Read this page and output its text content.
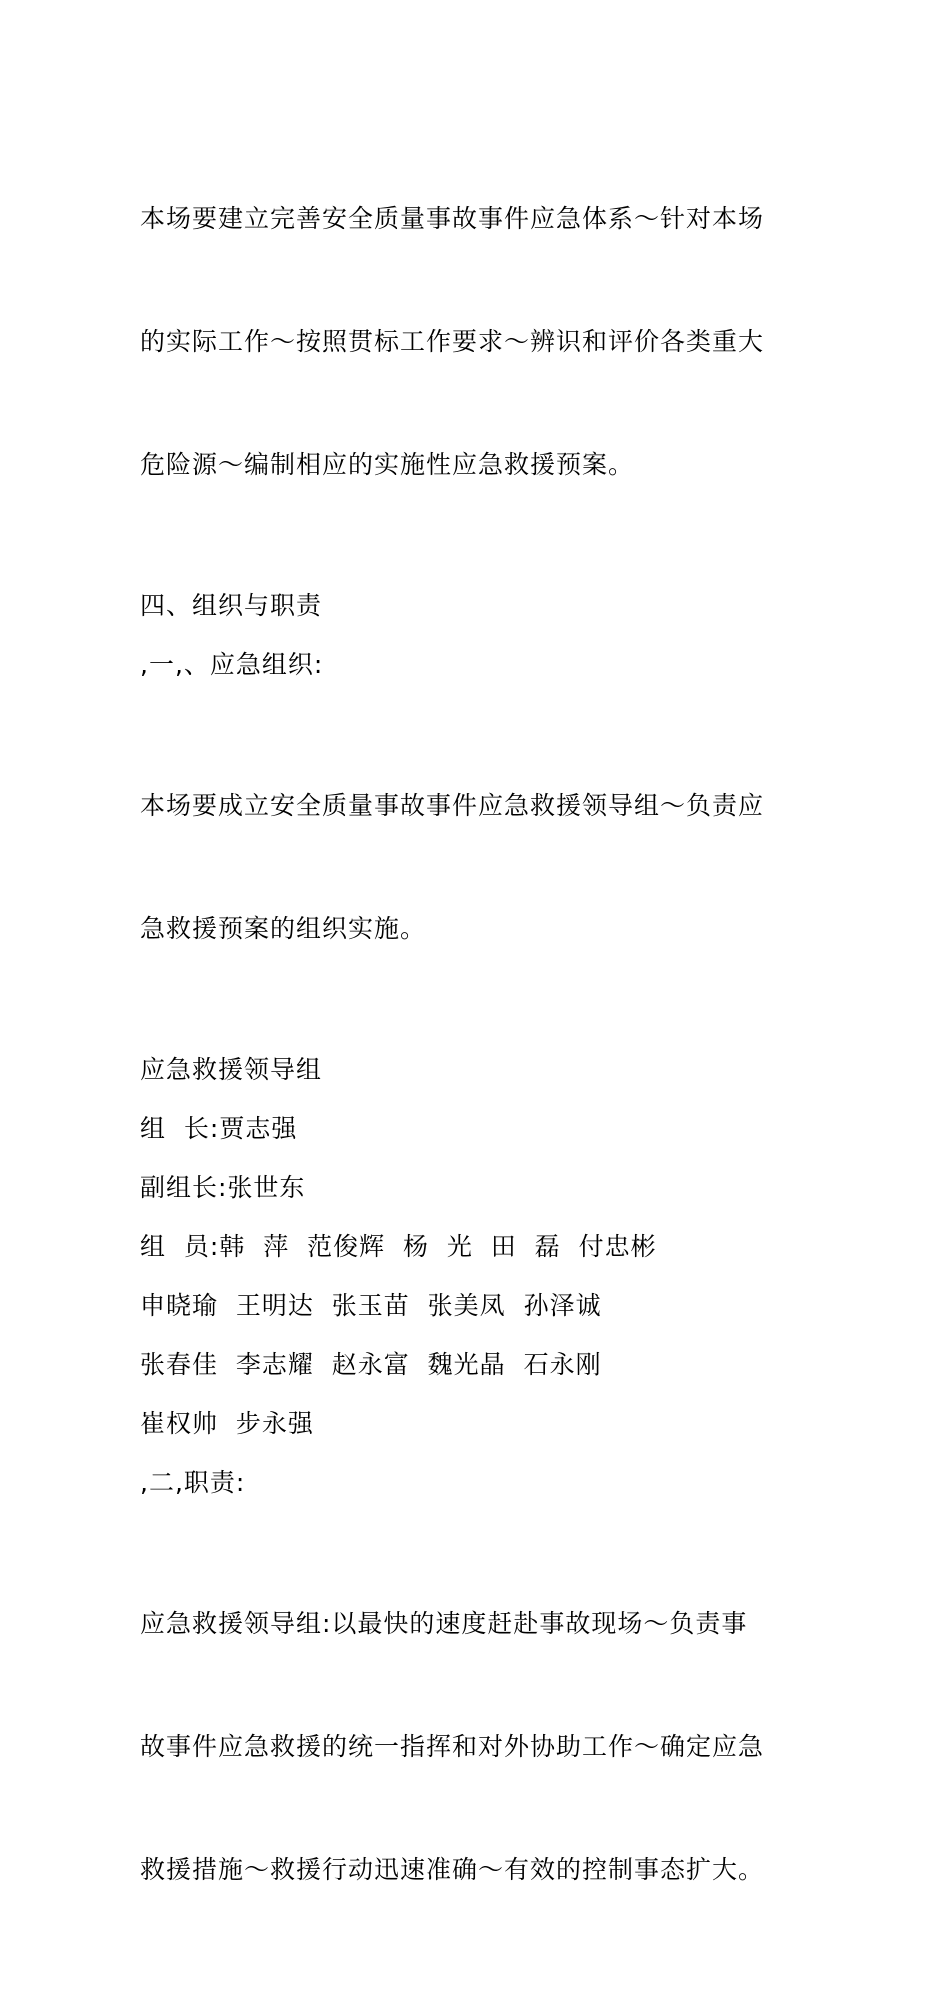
本场要建立完善安全质量事故事件应急体系～针对本场

的实际工作～按照贯标工作要求～辨识和评价各类重大

危险源～编制相应的实施性应急救援预案。

四、组织与职责
,一,、应急组织:

本场要成立安全质量事故事件应急救援领导组～负责应

急救援预案的组织实施。

应急救援领导组
组  长:贾志强
副组长:张世东
组  员:韩  萍  范俊辉  杨  光  田  磊  付忠彬
申晓瑜  王明达  张玉苗  张美凤  孙泽诚
张春佳  李志耀  赵永富  魏光晶  石永刚
崔权帅  步永强
,二,职责:

应急救援领导组:以最快的速度赶赴事故现场～负责事

故事件应急救援的统一指挥和对外协助工作～确定应急

救援措施～救援行动迅速准确～有效的控制事态扩大。
